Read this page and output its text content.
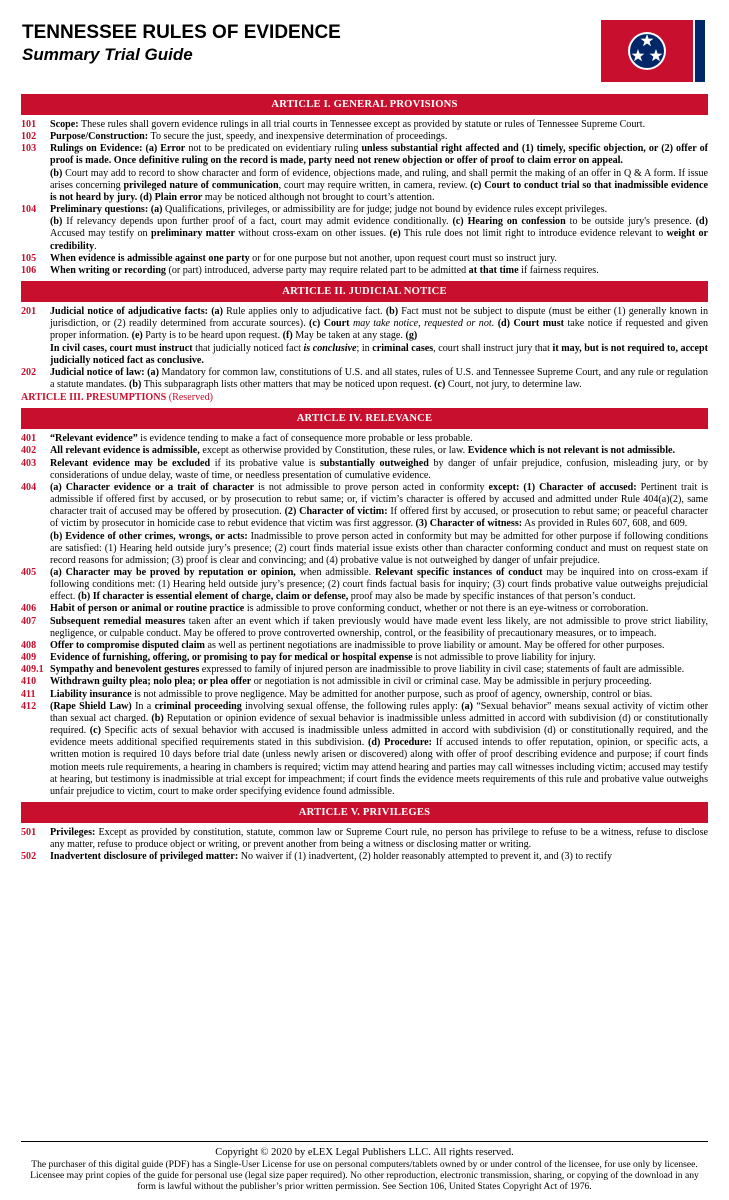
TENNESSEE RULES OF EVIDENCE
Summary Trial Guide
ARTICLE I. GENERAL PROVISIONS
101	Scope: These rules shall govern evidence rulings in all trial courts in Tennessee except as provided by statute or rules of Tennessee Supreme Court.
102	Purpose/Construction: To secure the just, speedy, and inexpensive determination of proceedings.
103	Rulings on Evidence: (a) Error not to be predicated on evidentiary ruling unless substantial right affected and (1) timely, specific objection, or (2) offer of proof is made. Once definitive ruling on the record is made, party need not renew objection or offer of proof to claim error on appeal.

(b) Court may add to record to show character and form of evidence, objections made, and ruling, and shall permit the making of an offer in Q & A form. If issue arises concerning privileged nature of communication, court may require written, in camera, review. (c) Court to conduct trial so that inadmissible evidence is not heard by jury. (d) Plain error may be noticed although not brought to court’s attention.

104	Preliminary questions: (a) Qualifications, privileges, or admissibility are for judge; judge not bound by evidence rules except privileges.

(b) If relevancy depends upon further proof of a fact, court may admit evidence conditionally. (c) Hearing on confession to be outside jury's presence. (d) Accused may testify on preliminary matter without cross-exam on other issues. (e) This rule does not limit right to introduce evidence relevant to weight or credibility.

105	When evidence is admissible against one party or for one purpose but not another, upon request court must so instruct jury.
106	When writing or recording (or part) introduced, adverse party may require related part to be admitted at that time if fairness requires.
ARTICLE II. JUDICIAL NOTICE
201	Judicial notice of adjudicative facts: (a) Rule applies only to adjudicative fact. (b) Fact must not be subject to dispute (must be either (1) generally known in jurisdiction, or (2) readily determined from accurate sources). (c) Court may take notice, requested or not. (d) Court must take notice if requested and given proper information. (e) Party is to be heard upon request. (f) May be taken at any stage. (g)

In civil cases, court must instruct that judicially noticed fact is conclusive; in criminal cases, court shall instruct jury that it may, but is not required to, accept judicially noticed fact as conclusive.

202	Judicial notice of law: (a) Mandatory for common law, constitutions of U.S. and all states, rules of U.S. and Tennessee Supreme Court, and any rule or regulation a statute mandates. (b) This subparagraph lists other matters that may be noticed upon request. (c) Court, not jury, to determine law.
ARTICLE III. PRESUMPTIONS (Reserved)
ARTICLE IV. RELEVANCE
401	“Relevant evidence” is evidence tending to make a fact of consequence more probable or less probable.
402	All relevant evidence is admissible, except as otherwise provided by Constitution, these rules, or law. Evidence which is not relevant is not admissible.
403	Relevant evidence may be excluded if its probative value is substantially outweighed by danger of unfair prejudice, confusion, misleading jury, or by considerations of undue delay, waste of time, or needless presentation of cumulative evidence.
404	(a) Character evidence or a trait of character is not admissible to prove person acted in conformity except: (1) Character of accused: Pertinent trait is admissible if offered first by accused, or by prosecution to rebut same; or, if victim’s character is offered by accused and admitted under Rule 404(a)(2), same character trait of accused may be offered by prosecution. (2) Character of victim: If offered first by accused, or prosecution to rebut same; or peaceful character of victim by prosecutor in homicide case to rebut evidence that victim was first aggressor. (3) Character of witness: As provided in Rules 607, 608, and 609.

(b) Evidence of other crimes, wrongs, or acts: Inadmissible to prove person acted in conformity but may be admitted for other purpose if following conditions are satisfied: (1) Hearing held outside jury’s presence; (2) court finds material issue exists other than character conforming conduct and must on request state on record reasons for admission; (3) proof is clear and convincing; and (4) probative value is not outweighed by danger of unfair prejudice.

405	(a) Character may be proved by reputation or opinion, when admissible. Relevant specific instances of conduct may be inquired into on cross-exam if following conditions met: (1) Hearing held outside jury’s presence; (2) court finds factual basis for inquiry; (3) court finds probative value outweighs prejudicial effect. (b) If character is essential element of charge, claim or defense, proof may also be made by specific instances of that person’s conduct.
406	Habit of person or animal or routine practice is admissible to prove conforming conduct, whether or not there is an eye-witness or corroboration.
407	Subsequent remedial measures taken after an event which if taken previously would have made event less likely, are not admissible to prove strict liability, negligence, or culpable conduct. May be offered to prove controverted ownership, control, or the feasibility of precautionary measures, or to impeach.
408	Offer to compromise disputed claim as well as pertinent negotiations are inadmissible to prove liability or amount. May be offered for other purposes.
409	Evidence of furnishing, offering, or promising to pay for medical or hospital expense is not admissible to prove liability for injury.
409.1 Sympathy and benevolent gestures expressed to family of injured person are inadmissible to prove liability in civil case; statements of fault are admissible.
410	Withdrawn guilty plea; nolo plea; or plea offer or negotiation is not admissible in civil or criminal case. May be admissible in perjury proceeding.
411	Liability insurance is not admissible to prove negligence. May be admitted for another purpose, such as proof of agency, ownership, control or bias.
412	(Rape Shield Law) In a criminal proceeding involving sexual offense, the following rules apply: (a) “Sexual behavior” means sexual activity of victim other than sexual act charged. (b) Reputation or opinion evidence of sexual behavior is inadmissible unless admitted in accord with subdivision (d) or constitutionally required. (c) Specific acts of sexual behavior with accused is inadmissible unless admitted in accord with subdivision (d) or constitutionally required, and the evidence meets additional specified requirements stated in this subdivision. (d) Procedure: If accused intends to offer reputation, opinion, or specific acts, a written motion is required 10 days before trial date (unless newly arisen or discovered) along with offer of proof describing evidence and purpose; if court finds motion meets rule requirements, a hearing in chambers is required; victim may attend hearing and parties may call witnesses including victim; accused may testify at hearing, but testimony is inadmissible at trial except for impeachment; if court finds the evidence meets requirements of this rule and probative value outweighs unfair prejudice to victim, court to make order specifying evidence found admissible.
ARTICLE V. PRIVILEGES
501	Privileges: Except as provided by constitution, statute, common law or Supreme Court rule, no person has privilege to refuse to be a witness, refuse to disclose any matter, refuse to produce object or writing, or prevent another from being a witness or disclosing matter or writing.
502	Inadvertent disclosure of privileged matter: No waiver if (1) inadvertent, (2) holder reasonably attempted to prevent it, and (3) to rectify
Copyright © 2020 by eLEX Legal Publishers LLC. All rights reserved.
The purchaser of this digital guide (PDF) has a Single-User License for use on personal computers/tablets owned by or under control of the licensee, for use only by licensee. Licensee may print copies of the guide for personal use (legal size paper required). No other reproduction, electronic transmission, sharing, or copying of the download in any form is lawful without the publisher’s prior written permission. See Section 106, United States Copyright Act of 1976.
